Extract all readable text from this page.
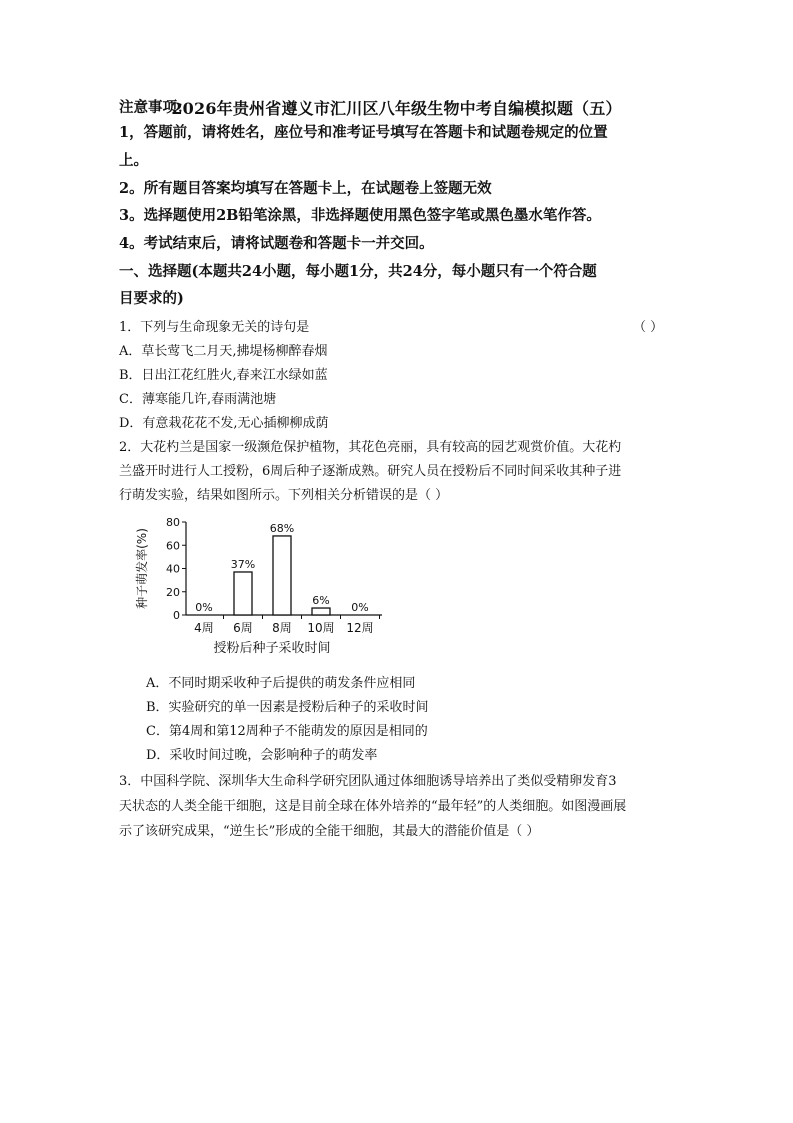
2026年贵州省遵义市汇川区八年级生物中考自编模拟题（五）
注意事项：
1，答题前，请将姓名，座位号和准考证号填写在答题卡和试题卷规定的位置
上。
2。所有题目答案均填写在答题卡上，在试题卷上签题无效
3。选择题使用2B铅笔涂黑，非选择题使用黑色签字笔或黑色墨水笔作答。
4。考试结束后，请将试题卷和答题卡一并交回。
一、选择题(本题共24小题，每小题1分，共24分，每小题只有一个符合题
目要求的)
1．下列与生命现象无关的诗句是	（ ）
A．草长莺飞二月天,拂堤杨柳醉春烟
B．日出江花红胜火,春来江水绿如蓝
C．薄寒能几许,春雨满池塘
D．有意栽花花不发,无心插柳柳成荫
2．大花杓兰是国家一级濒危保护植物，其花色亮丽，具有较高的园艺观赏价值。大花杓
兰盛开时进行人工授粉，6周后种子逐渐成熟。研究人员在授粉后不同时间采收其种子进
行萌发实验，结果如图所示。下列相关分析错误的是（ ）
0
20
40
60
80
0%
4周
37%
6周
68%
8周
6%
10周
0%
12周
种子萌发率(%)
授粉后种子采收时间
A．不同时期采收种子后提供的萌发条件应相同
B．实验研究的单一因素是授粉后种子的采收时间
C．第4周和第12周种子不能萌发的原因是相同的
D．采收时间过晚，会影响种子的萌发率
3．中国科学院、深圳华大生命科学研究团队通过体细胞诱导培养出了类似受精卵发育3
天状态的人类全能干细胞，这是目前全球在体外培养的“最年轻”的人类细胞。如图漫画展
示了该研究成果，“逆生长”形成的全能干细胞，其最大的潜能价值是（ ）
